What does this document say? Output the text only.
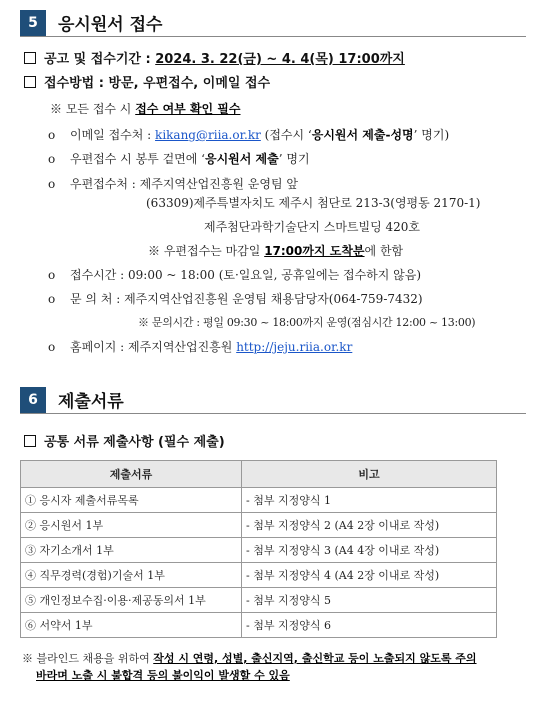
5	응시원서 접수
공고 및 접수기간 : 2024. 3. 22(금) ~ 4. 4(목) 17:00까지
접수방법 : 방문, 우편접수, 이메일 접수
※ 모든 접수 시 접수 여부 확인 필수
o 이메일 접수처 : kikang@riia.or.kr (접수시 ‘응시원서 제출-성명’ 명기)
o 우편접수 시 봉투 겉면에 ‘응시원서 제출’ 명기
o 우편접수처 : 제주지역산업진흥원 운영팀 앞
(63309)제주특별자치도 제주시 첨단로 213-3(영평동 2170-1)
제주첨단과학기술단지 스마트빌딩 420호
※ 우편접수는 마감일 17:00까지 도착분에 한함
o 접수시간 : 09:00 ~ 18:00 (토·일요일, 공휴일에는 접수하지 않음)
o 문 의 처 : 제주지역산업진흥원 운영팀 채용담당자(064-759-7432)
※ 문의시간 : 평일 09:30 ~ 18:00까지 운영(점심시간 12:00 ~ 13:00)
o 홈페이지 : 제주지역산업진흥원 http://jeju.riia.or.kr
6	제출서류
공통 서류 제출사항 (필수 제출)
제출서류	비고
① 응시자 제출서류목록	- 첨부 지정양식 1
② 응시원서 1부	- 첨부 지정양식 2 (A4 2장 이내로 작성)
③ 자기소개서 1부	- 첨부 지정양식 3 (A4 4장 이내로 작성)
④ 직무경력(경험)기술서 1부	- 첨부 지정양식 4 (A4 2장 이내로 작성)
⑤ 개인정보수집·이용·제공동의서 1부	- 첨부 지정양식 5
⑥ 서약서 1부	- 첨부 지정양식 6
※ 블라인드 채용을 위하여 작성 시 연령, 성별, 출신지역, 출신학교 등이 노출되지 않도록 주의
바라며 노출 시 불합격 등의 불이익이 발생할 수 있음
